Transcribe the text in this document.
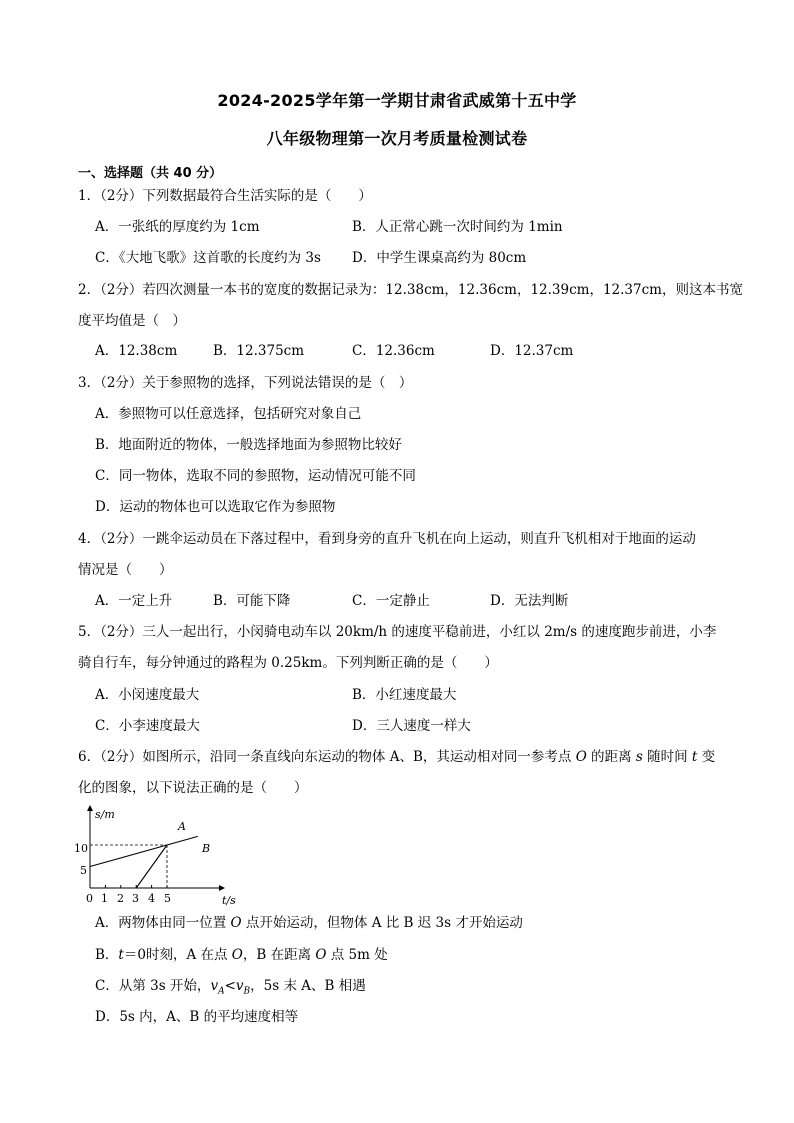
2024-2025学年第一学期甘肃省武威第十五中学
八年级物理第一次月考质量检测试卷
一、选择题（共 40 分）
1．（2分）下列数据最符合生活实际的是（　　）
A．一张纸的厚度约为 1cm	B．人正常心跳一次时间约为 1min
C．《大地飞歌》这首歌的长度约为 3s D．中学生课桌高约为 80cm
2．（2分）若四次测量一本书的宽度的数据记录为：12.38cm，12.36cm，12.39cm，12.37cm，则这本书宽
度平均值是（　）
A．12.38cm	B．12.375cm	C．12.36cm	D．12.37cm
3．（2分）关于参照物的选择，下列说法错误的是（　）
A．参照物可以任意选择，包括研究对象自己
B．地面附近的物体，一般选择地面为参照物比较好
C．同一物体，选取不同的参照物，运动情况可能不同
D．运动的物体也可以选取它作为参照物
4．（2分）一跳伞运动员在下落过程中，看到身旁的直升飞机在向上运动，则直升飞机相对于地面的运动
情况是（　　）
A．一定上升	B．可能下降	C．一定静止	D．无法判断
5．（2分）三人一起出行，小闵骑电动车以 20km/h 的速度平稳前进，小红以 2m/s 的速度跑步前进，小李
骑自行车，每分钟通过的路程为 0.25km。下列判断正确的是（　　）
A．小闵速度最大	B．小红速度最大
C．小李速度最大	D．三人速度一样大
6．（2分）如图所示，沿同一条直线向东运动的物体 A、B，其运动相对同一参考点 O 的距离 s 随时间 t 变
化的图象，以下说法正确的是（　　）
s/m
t/s
A
B
10
5
0 1 2 3 4 5
A．两物体由同一位置 O 点开始运动，但物体 A 比 B 迟 3s 才开始运动
B．t＝0时刻，A 在点 O，B 在距离 O 点 5m 处
C．从第 3s 开始，$v_A<v_B$，5s 末 A、B 相遇
D．5s 内，A、B 的平均速度相等
